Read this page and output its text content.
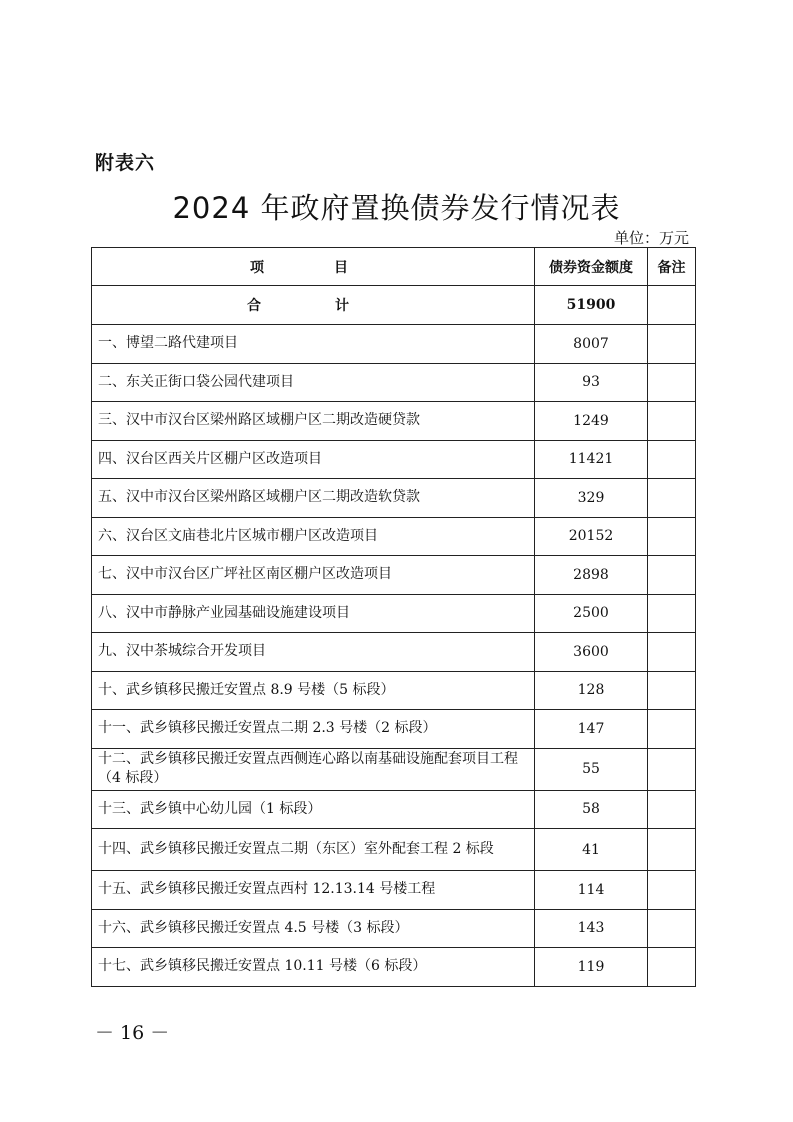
附表六
2024 年政府置换债券发行情况表
单位：万元
项　目	债券资金额度	备注
合　计	51900	
一、博望二路代建项目	8007	
二、东关正街口袋公园代建项目	93	
三、汉中市汉台区梁州路区域棚户区二期改造硬贷款	1249	
四、汉台区西关片区棚户区改造项目	11421	
五、汉中市汉台区梁州路区域棚户区二期改造软贷款	329	
六、汉台区文庙巷北片区城市棚户区改造项目	20152	
七、汉中市汉台区广坪社区南区棚户区改造项目	2898	
八、汉中市静脉产业园基础设施建设项目	2500	
九、汉中茶城综合开发项目	3600	
十、武乡镇移民搬迁安置点 8.9 号楼（5 标段）	128	
十一、武乡镇移民搬迁安置点二期 2.3 号楼（2 标段）	147	
十二、武乡镇移民搬迁安置点西侧连心路以南基础设施配套项目工程（4 标段）	55	
十三、武乡镇中心幼儿园（1 标段）	58	
十四、武乡镇移民搬迁安置点二期（东区）室外配套工程 2 标段	41	
十五、武乡镇移民搬迁安置点西村 12.13.14 号楼工程	114	
十六、武乡镇移民搬迁安置点 4.5 号楼（3 标段）	143	
十七、武乡镇移民搬迁安置点 10.11 号楼（6 标段）	119	
－ 16 －
